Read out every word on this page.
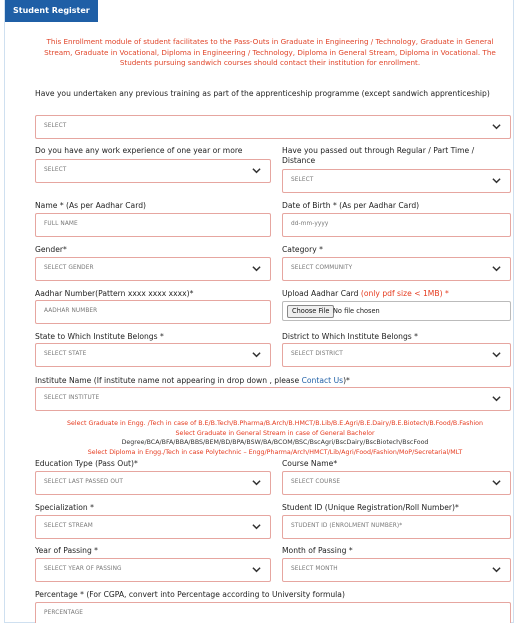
Student Register
This Enrollment module of student facilitates to the Pass-Outs in Graduate in Engineering / Technology, Graduate in General Stream, Graduate in Vocational, Diploma in Engineering / Technology, Diploma in General Stream, Diploma in Vocational. The Students pursuing sandwich courses should contact their institution for enrollment.
Have you undertaken any previous training as part of the apprenticeship programme (except sandwich apprenticeship)
SELECT
Do you have any work experience of one year or more
SELECT
Have you passed out through Regular / Part Time / Distance
SELECT
Name * (As per Aadhar Card)
FULL NAME
Date of Birth * (As per Aadhar Card)
dd-mm-yyyy
Gender*
SELECT GENDER
Category *
SELECT COMMUNITY
Aadhar Number(Pattern xxxx xxxx xxxx)*
AADHAR NUMBER
Upload Aadhar Card (only pdf size < 1MB) *
Choose File No file chosen
State to Which Institute Belongs *
SELECT STATE
District to Which Institute Belongs *
SELECT DISTRICT
Institute Name (If institute name not appearing in drop down , please Contact Us)*
SELECT INSTITUTE
Select Graduate in Engg. /Tech in case of B.E/B.Tech/B.Pharma/B.Arch/B.HMCT/B.Lib/B.E.Agri/B.E.Dairy/B.E.Biotech/B.Food/B.Fashion
Select Graduate in General Stream in case of General Bachelor
Degree/BCA/BFA/BBA/BBS/BEM/BD/BPA/BSW/BA/BCOM/BSC/BscAgri/BscDairy/BscBiotech/BscFood
Select Diploma in Engg./Tech in case Polytechnic – Engg/Pharma/Arch/HMCT/Lib/Agri/Food/Fashion/MoP/Secretarial/MLT
Education Type (Pass Out)*
SELECT LAST PASSED OUT
Course Name*
SELECT COURSE
Specialization *
SELECT STREAM
Student ID (Unique Registration/Roll Number)*
STUDENT ID (ENROLMENT NUMBER)*
Year of Passing *
SELECT YEAR OF PASSING
Month of Passing *
SELECT MONTH
Percentage * (For CGPA, convert into Percentage according to University formula)
PERCENTAGE
